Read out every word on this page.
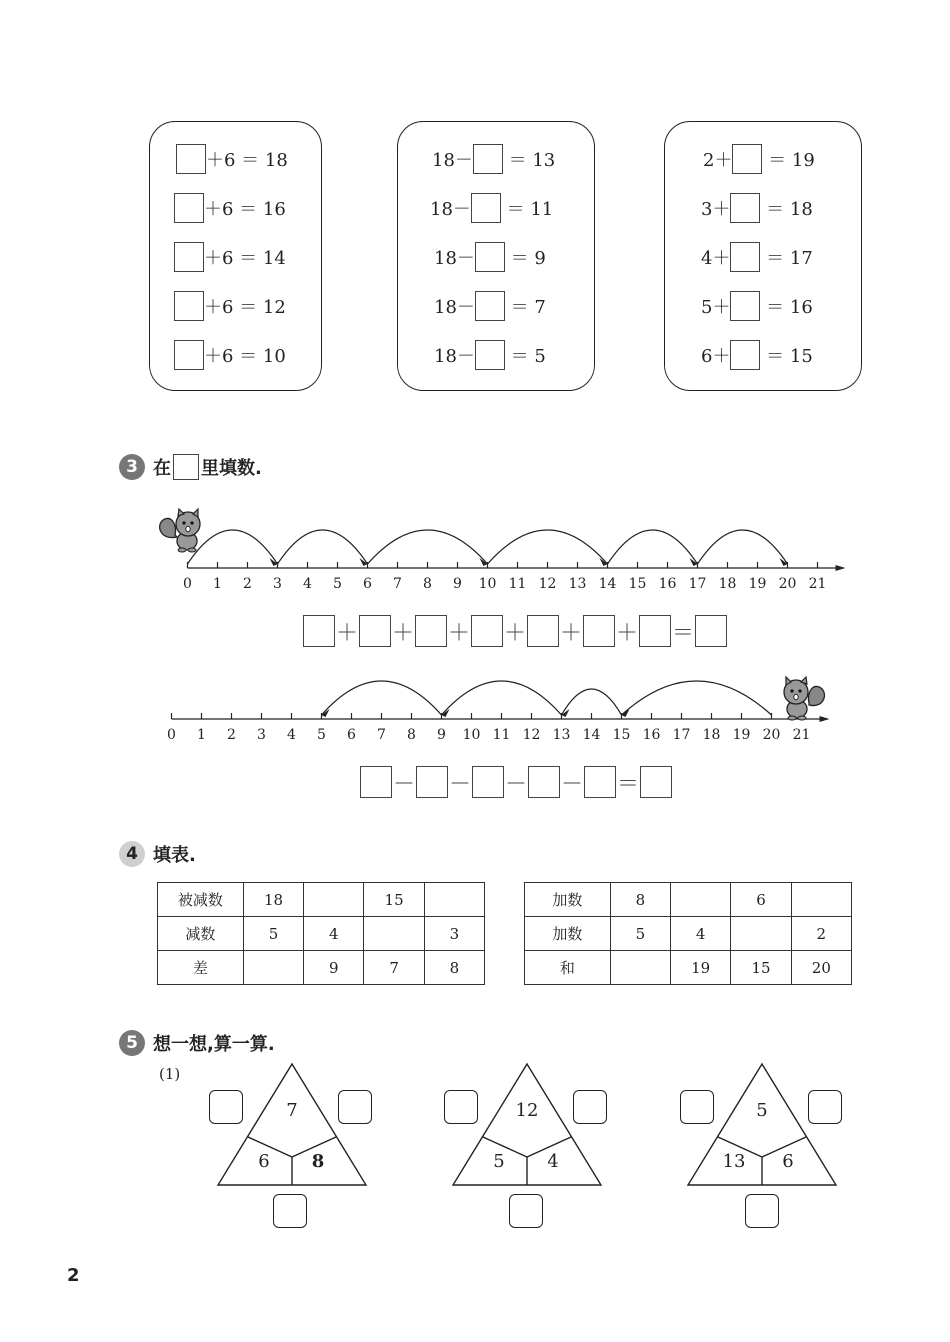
＋6 ＝ 18
＋6 ＝ 16
＋6 ＝ 14
＋6 ＝ 12
＋6 ＝ 10
18－ ＝ 13
18－ ＝ 11
18－ ＝ 9
18－ ＝ 7
18－ ＝ 5
2＋ ＝ 19
3＋ ＝ 18
4＋ ＝ 17
5＋ ＝ 16
6＋ ＝ 15
3 在 里填数.
0 1 2 3 4 5 6 7 8 9 10 11 12 13 14 15 16 17 18 19 20 21
＋ ＋ ＋ ＋ ＋ ＋ ＝
0 1 2 3 4 5 6 7 8 9 10 11 12 13 14 15 16 17 18 19 20 21
－ － － － ＝
4 填表.
被减数	18		15	
减数	5	4		3
差		9	7	8
加数	8		6	
加数	5	4		2
和		19	15	20
5 想一想,算一算.
(1)
7
6	8
12
5	4
5
13	6
2
